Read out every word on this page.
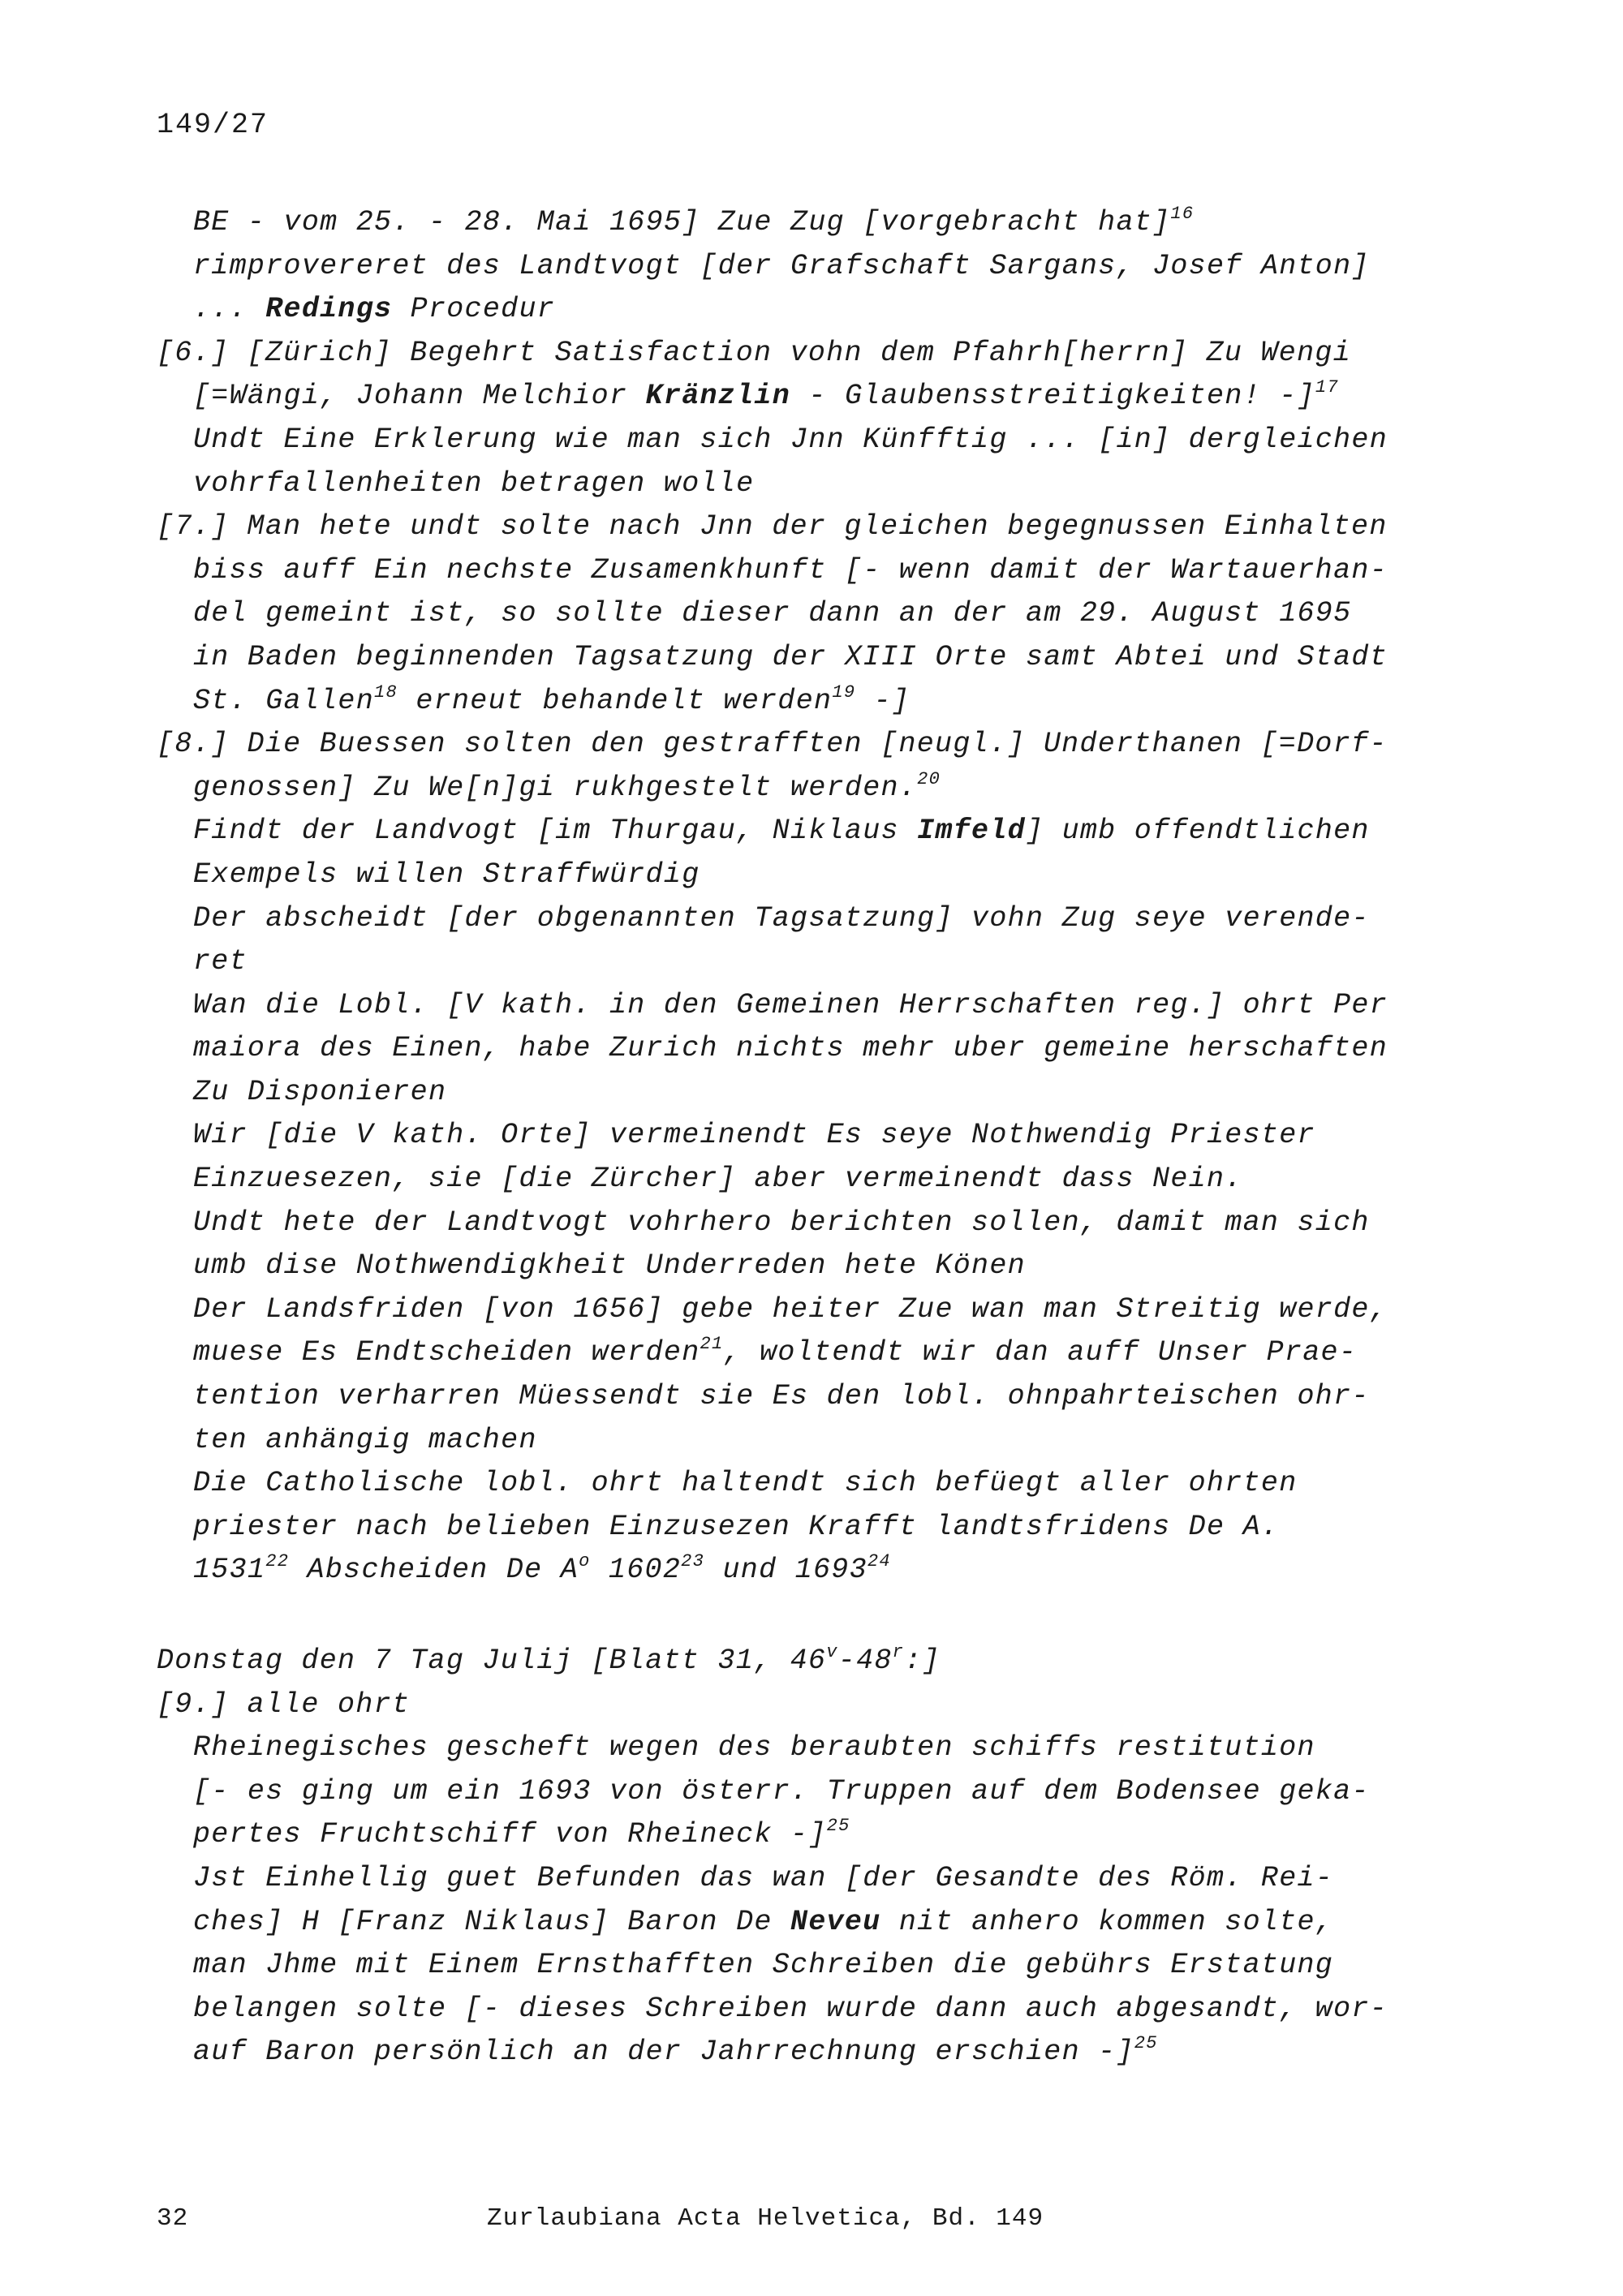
149/27
BE - vom 25. - 28. Mai 1695] Zue Zug [vorgebracht hat]$^{16}$
rimprovereret des Landtvogt [der Grafschaft Sargans, Josef Anton]
... Redings Procedur
[6.] [Zürich] Begehrt Satisfaction vohn dem Pfahrh[herrn] Zu Wengi
[=Wängi, Johann Melchior Kränzlin - Glaubensstreitigkeiten! -]$^{17}$
Undt Eine Erklerung wie man sich Jnn Künfftig ... [in] dergleichen
vohrfallenheiten betragen wolle
[7.] Man hete undt solte nach Jnn der gleichen begegnussen Einhalten
biss auff Ein nechste Zusamenkhunft [- wenn damit der Wartauerhan-
del gemeint ist, so sollte dieser dann an der am 29. August 1695
in Baden beginnenden Tagsatzung der XIII Orte samt Abtei und Stadt
St. Gallen$^{18}$ erneut behandelt werden$^{19}$ -]
[8.] Die Buessen solten den gestrafften [neugl.] Underthanen [=Dorf-
genossen] Zu We[n]gi rukhgestelt werden.$^{20}$
Findt der Landvogt [im Thurgau, Niklaus Imfeld] umb offendtlichen
Exempels willen Straffwürdig
Der abscheidt [der obgenannten Tagsatzung] vohn Zug seye verende-
ret
Wan die Lobl. [V kath. in den Gemeinen Herrschaften reg.] ohrt Per
maiora des Einen, habe Zurich nichts mehr uber gemeine herschaften
Zu Disponieren
Wir [die V kath. Orte] vermeinendt Es seye Nothwendig Priester
Einzuesezen, sie [die Zürcher] aber vermeinendt dass Nein.
Undt hete der Landtvogt vohrhero berichten sollen, damit man sich
umb dise Nothwendigkheit Underreden hete Könen
Der Landsfriden [von 1656] gebe heiter Zue wan man Streitig werde,
muese Es Endtscheiden werden$^{21}$, woltendt wir dan auff Unser Prae-
tention verharren Müessendt sie Es den lobl. ohnpahrteischen ohr-
ten anhängig machen
Die Catholische lobl. ohrt haltendt sich befüegt aller ohrten
priester nach belieben Einzusezen Krafft landtsfridens De A.
1531$^{22}$ Abscheiden De $A^o$ 1602$^{23}$ und 1693$^{24}$
Donstag den 7 Tag Julij [Blatt 31, 46$^v$-48$^r$:]
[9.] alle ohrt
Rheinegisches gescheft wegen des beraubten schiffs restitution
[- es ging um ein 1693 von österr. Truppen auf dem Bodensee geka-
pertes Fruchtschiff von Rheineck -]$^{25}$
Jst Einhellig guet Befunden das wan [der Gesandte des Röm. Rei-
ches] H [Franz Niklaus] Baron De Neveu nit anhero kommen solte,
man Jhme mit Einem Ernsthafften Schreiben die gebührs Erstatung
belangen solte [- dieses Schreiben wurde dann auch abgesandt, wor-
auf Baron persönlich an der Jahrrechnung erschien -]$^{25}$
32	Zurlaubiana Acta Helvetica, Bd. 149
